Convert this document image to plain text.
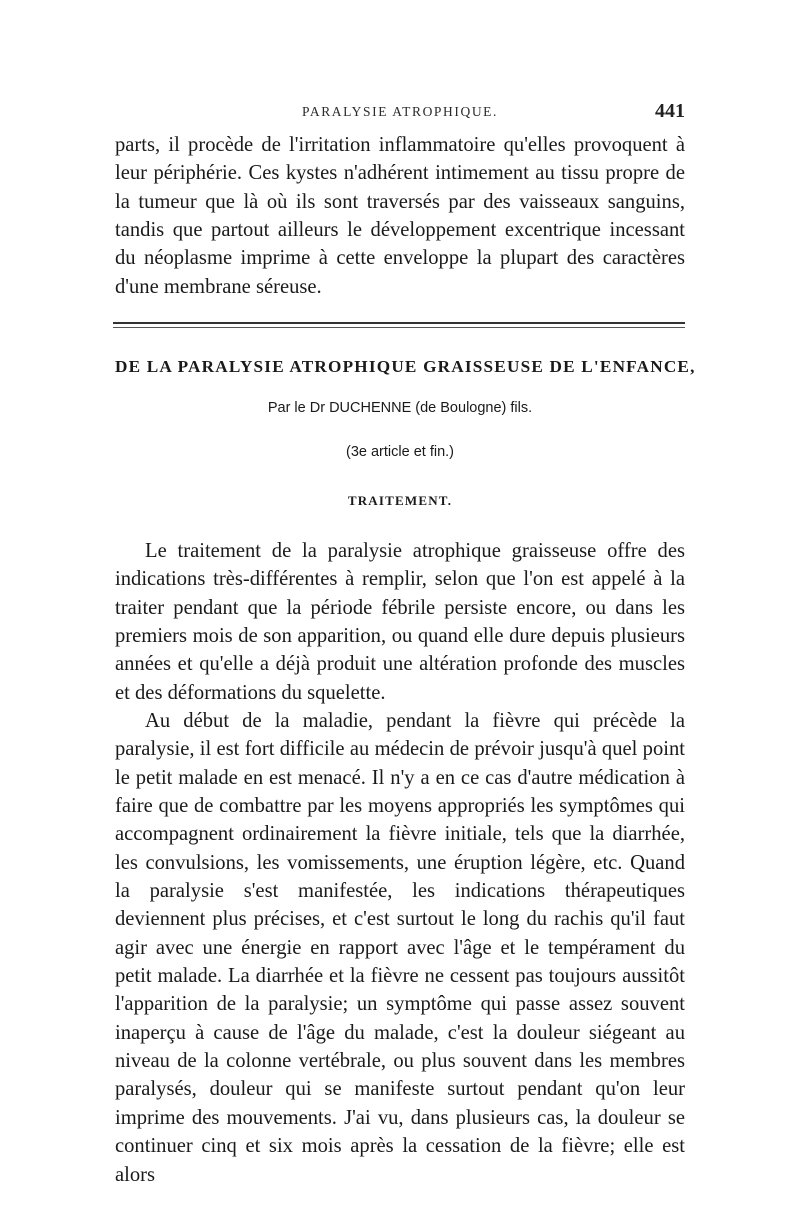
PARALYSIE ATROPHIQUE.	441

parts, il procède de l'irritation inflammatoire qu'elles provoquent à leur périphérie. Ces kystes n'adhérent intimement au tissu propre de la tumeur que là où ils sont traversés par des vaisseaux sanguins, tandis que partout ailleurs le développement excentrique incessant du néoplasme imprime à cette enveloppe la plupart des caractères d'une membrane séreuse.

DE LA PARALYSIE ATROPHIQUE GRAISSEUSE DE L'ENFANCE,
Par le Dr DUCHENNE (de Boulogne) fils.
(3e article et fin.)
TRAITEMENT.

Le traitement de la paralysie atrophique graisseuse offre des indications très-différentes à remplir, selon que l'on est appelé à la traiter pendant que la période fébrile persiste encore, ou dans les premiers mois de son apparition, ou quand elle dure depuis plusieurs années et qu'elle a déjà produit une altération profonde des muscles et des déformations du squelette.

Au début de la maladie, pendant la fièvre qui précède la paralysie, il est fort difficile au médecin de prévoir jusqu'à quel point le petit malade en est menacé. Il n'y a en ce cas d'autre médication à faire que de combattre par les moyens appropriés les symptômes qui accompagnent ordinairement la fièvre initiale, tels que la diarrhée, les convulsions, les vomissements, une éruption légère, etc. Quand la paralysie s'est manifestée, les indications thérapeutiques deviennent plus précises, et c'est surtout le long du rachis qu'il faut agir avec une énergie en rapport avec l'âge et le tempérament du petit malade. La diarrhée et la fièvre ne cessent pas toujours aussitôt l'apparition de la paralysie; un symptôme qui passe assez souvent inaperçu à cause de l'âge du malade, c'est la douleur siégeant au niveau de la colonne vertébrale, ou plus souvent dans les membres paralysés, douleur qui se manifeste surtout pendant qu'on leur imprime des mouvements. J'ai vu, dans plusieurs cas, la douleur se continuer cinq et six mois après la cessation de la fièvre; elle est alors
